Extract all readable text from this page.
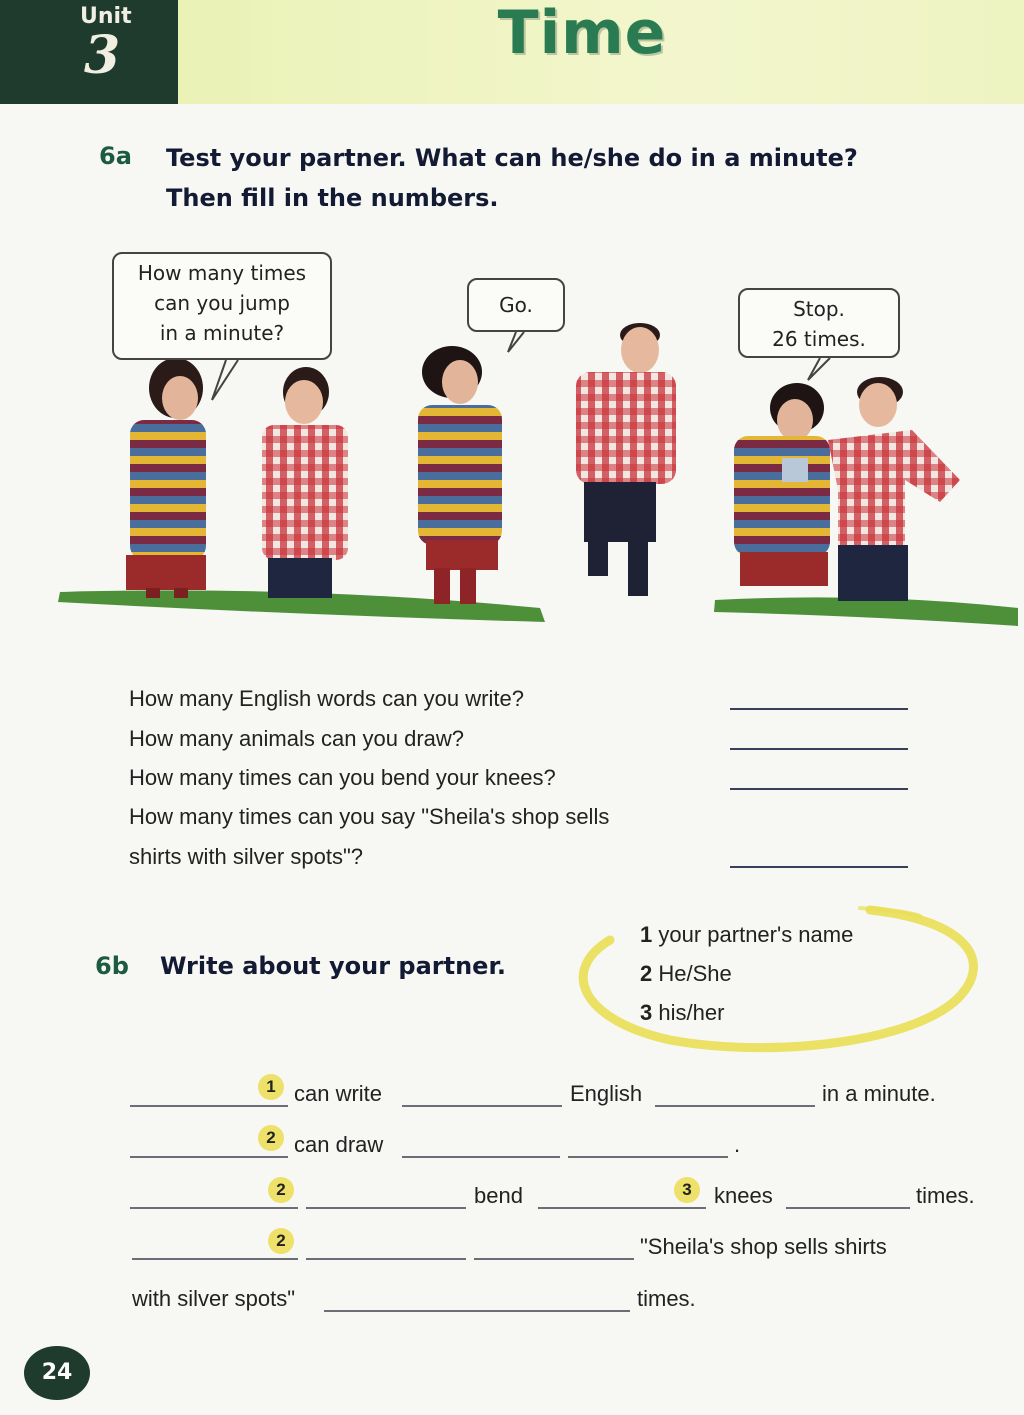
Unit
3	Time
6a Test your partner. What can he/she do in a minute?
Then fill in the numbers.
How many times
can you jump
in a minute?
Go.	Stop.
26 times.
How many English words can you write?
How many animals can you draw?
How many times can you bend your knees?
How many times can you say "Sheila's shop sells
shirts with silver spots"?
6b Write about your partner.
1 your partner's name
2 He/She
3 his/her
1 can write	English	in a minute.
2 can draw	.
2	bend	3	knees	times.
2	"Sheila's shop sells shirts
with silver spots"	times.
24
